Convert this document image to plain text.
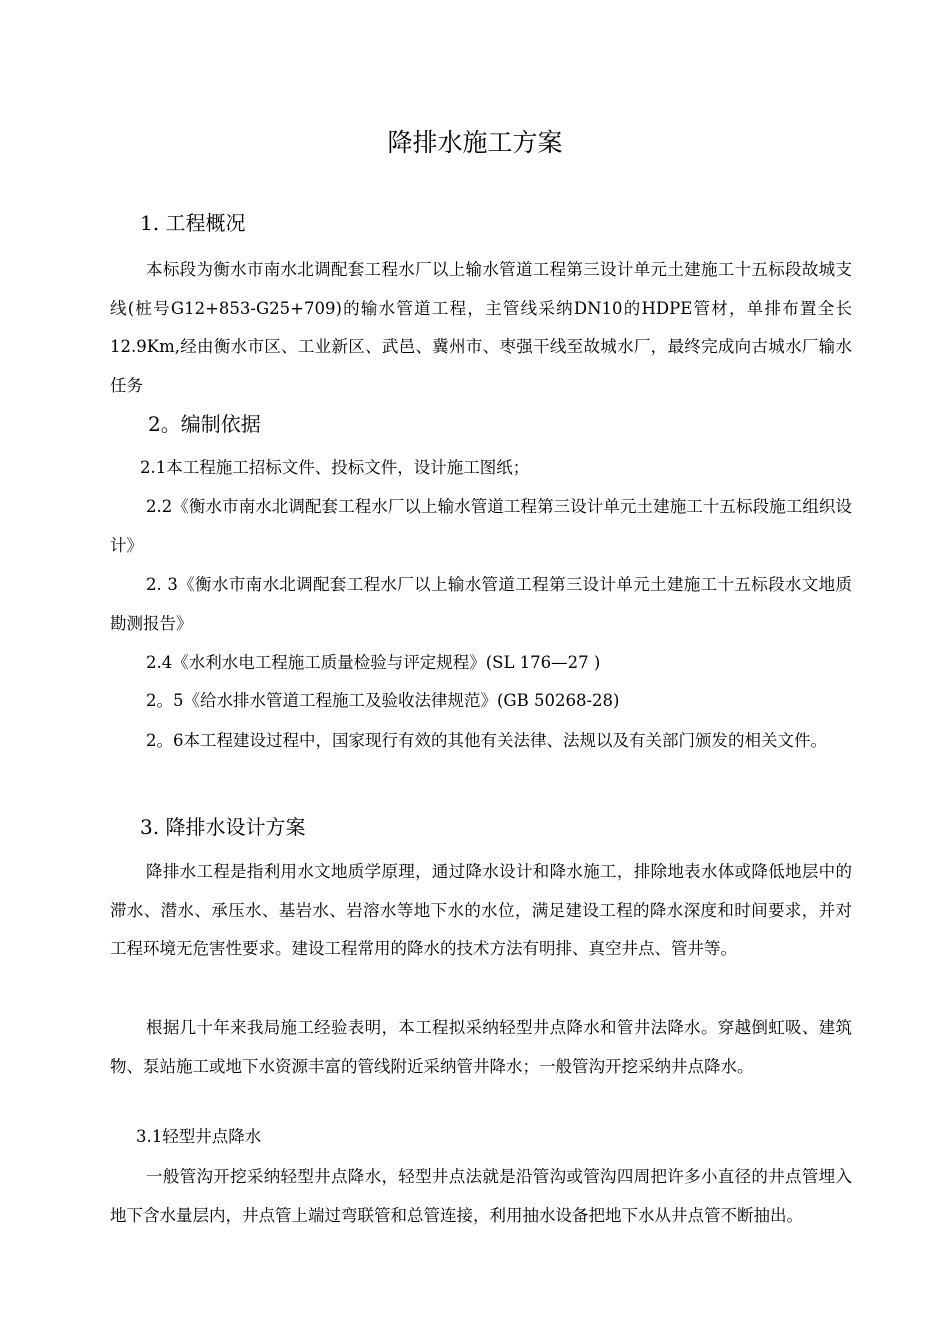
降排水施工方案
1. 工程概况

本标段为衡水市南水北调配套工程水厂以上输水管道工程第三设计单元土建施工十五标段故城支线(桩号G12+853-G25+709)的输水管道工程，主管线采纳DN10的HDPE管材，单排布置全长12.9Km,经由衡水市区、工业新区、武邑、冀州市、枣强干线至故城水厂，最终完成向古城水厂输水任务

2。编制依据
2.1本工程施工招标文件、投标文件，设计施工图纸；

2.2《衡水市南水北调配套工程水厂以上输水管道工程第三设计单元土建施工十五标段施工组织设计》

2. 3《衡水市南水北调配套工程水厂以上输水管道工程第三设计单元土建施工十五标段水文地质勘测报告》

2.4《水利水电工程施工质量检验与评定规程》(SL 176—27 )
2。5《给水排水管道工程施工及验收法律规范》(GB 50268-28)

2。6本工程建设过程中，国家现行有效的其他有关法律、法规以及有关部门颁发的相关文件。

3. 降排水设计方案

降排水工程是指利用水文地质学原理，通过降水设计和降水施工，排除地表水体或降低地层中的滞水、潜水、承压水、基岩水、岩溶水等地下水的水位，满足建设工程的降水深度和时间要求，并对工程环境无危害性要求。建设工程常用的降水的技术方法有明排、真空井点、管井等。

根据几十年来我局施工经验表明，本工程拟采纳轻型井点降水和管井法降水。穿越倒虹吸、建筑物、泵站施工或地下水资源丰富的管线附近采纳管井降水；一般管沟开挖采纳井点降水。

3.1轻型井点降水

一般管沟开挖采纳轻型井点降水，轻型井点法就是沿管沟或管沟四周把许多小直径的井点管埋入地下含水量层内，井点管上端过弯联管和总管连接，利用抽水设备把地下水从井点管不断抽出。
